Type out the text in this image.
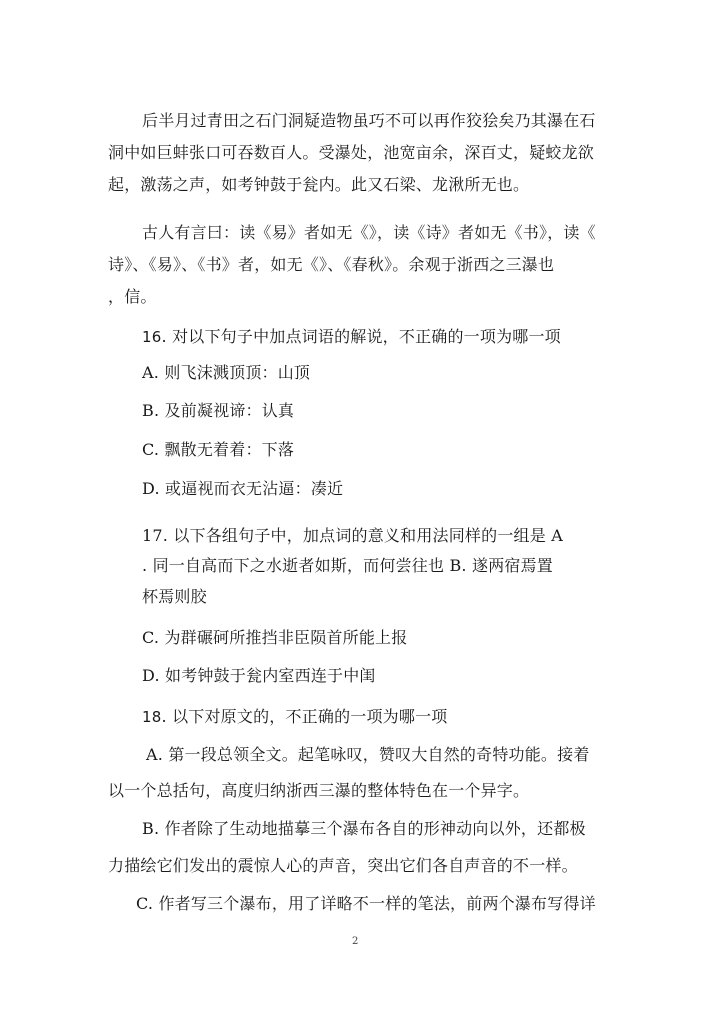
后半月过青田之石门洞疑造物虽巧不可以再作狡狯矣乃其瀑在石
洞中如巨蚌张口可吞数百人。受瀑处，池宽亩余，深百丈，疑蛟龙欲
起，激荡之声，如考钟鼓于瓮内。此又石梁、龙湫所无也。
古人有言曰：读《易》者如无《》，读《诗》者如无《书》，读《
诗》、《易》、《书》者，如无《》、《春秋》。余观于浙西之三瀑也
，信。
16. 对以下句子中加点词语的解说，不正确的一项为哪一项
A. 则飞沫溅顶顶：山顶
B. 及前凝视谛：认真
C. 飘散无着着：下落
D. 或逼视而衣无沾逼：凑近
17. 以下各组句子中，加点词的意义和用法同样的一组是 A
. 同一自高而下之水逝者如斯，而何尝往也 B. 遂两宿焉置
杯焉则胶
C. 为群碾砢所推挡非臣陨首所能上报
D. 如考钟鼓于瓮内室西连于中闺
18. 以下对原文的，不正确的一项为哪一项
A. 第一段总领全文。起笔咏叹，赞叹大自然的奇特功能。接着
以一个总括句，高度归纳浙西三瀑的整体特色在一个异字。
B. 作者除了生动地描摹三个瀑布各自的形神动向以外，还都极
力描绘它们发出的震惊人心的声音，突出它们各自声音的不一样。
C. 作者写三个瀑布，用了详略不一样的笔法，前两个瀑布写得详
2
